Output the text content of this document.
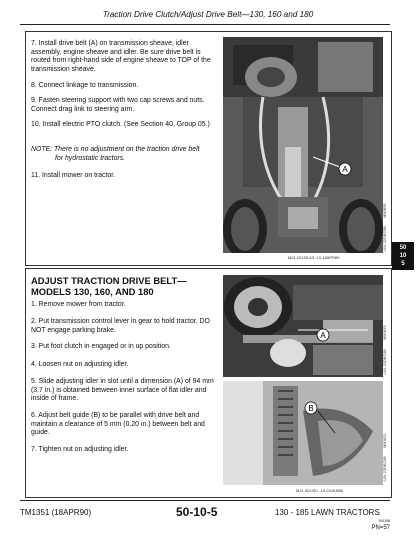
Traction Drive Clutch/Adjust Drive Belt—130, 160 and 180
7. Install drive belt (A) on transmission sheave, idler assembly, engine sheave and idler. Be sure drive belt is routed from right-hand side of engine sheave to TOP of the transmission sheave.
8. Connect linkage to transmission.
9. Fasten steering support with two cap screws and nuts. Connect drag link to steering arm.
10. Install electric PTO clutch. (See Section 40, Group 05.)
NOTE: There is no adjustment on the traction drive belt
for hydrostatic tractors.
11. Install mower on tractor.
A
M21.00155,A3 -19-18APR89
-UN-22DEC89
M90835
50
10
5
ADJUST TRACTION DRIVE BELT—MODELS 130, 160, AND 180
1. Remove mower from tractor.
2. Put transmission control lever in gear to hold tractor. DO NOT engage parking brake.
3. Put foot clutch in engaged or in up position.
4. Loosen nut on adjusting idler.
5. Slide adjusting idler in slot until a dimension (A) of 94 mm (3.7 in.) is obtained between inner surface of flat idler and inside of frame.
6. Adjust belt guide (B) to be parallel with drive belt and maintain a clearance of 5 mm (0.20 in.) between belt and guide.
7. Tighten nut on adjusting idler.
A
-UN-22DEC89
M90623
B
-UN-22DEC89
M90622
M21.00105,I -19-23JAN86
TM1351 (18APR90)	50-10-5	130 - 185 LAWN TRACTORS
100198
PN=57
